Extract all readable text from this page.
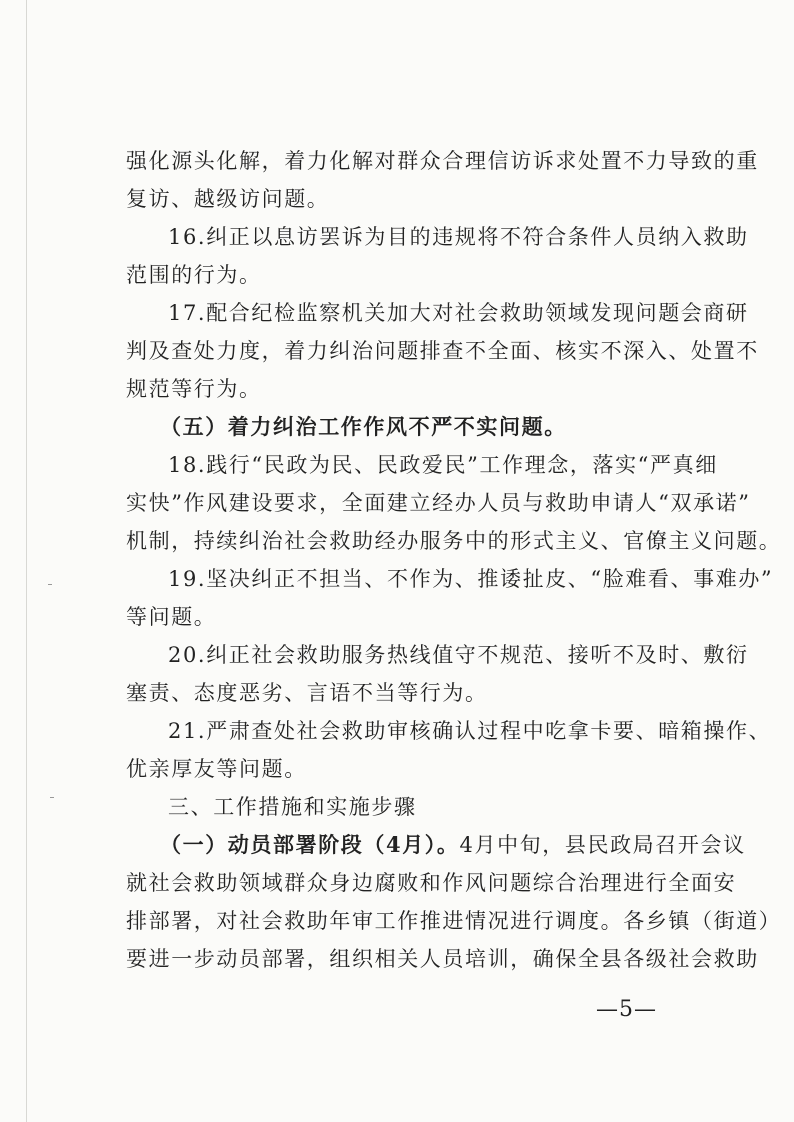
强化源头化解，着力化解对群众合理信访诉求处置不力导致的重
复访、越级访问题。
16.纠正以息访罢诉为目的违规将不符合条件人员纳入救助
范围的行为。
17.配合纪检监察机关加大对社会救助领域发现问题会商研
判及查处力度，着力纠治问题排查不全面、核实不深入、处置不
规范等行为。
（五）着力纠治工作作风不严不实问题。
18.践行“民政为民、民政爱民”工作理念，落实“严真细
实快”作风建设要求，全面建立经办人员与救助申请人“双承诺”
机制，持续纠治社会救助经办服务中的形式主义、官僚主义问题。
19.坚决纠正不担当、不作为、推诿扯皮、“脸难看、事难办”
等问题。
20.纠正社会救助服务热线值守不规范、接听不及时、敷衍
塞责、态度恶劣、言语不当等行为。
21.严肃查处社会救助审核确认过程中吃拿卡要、暗箱操作、
优亲厚友等问题。
三、工作措施和实施步骤
（一）动员部署阶段（4月）。4月中旬，县民政局召开会议
就社会救助领域群众身边腐败和作风问题综合治理进行全面安
排部署，对社会救助年审工作推进情况进行调度。各乡镇（街道）
要进一步动员部署，组织相关人员培训，确保全县各级社会救助
—5—
